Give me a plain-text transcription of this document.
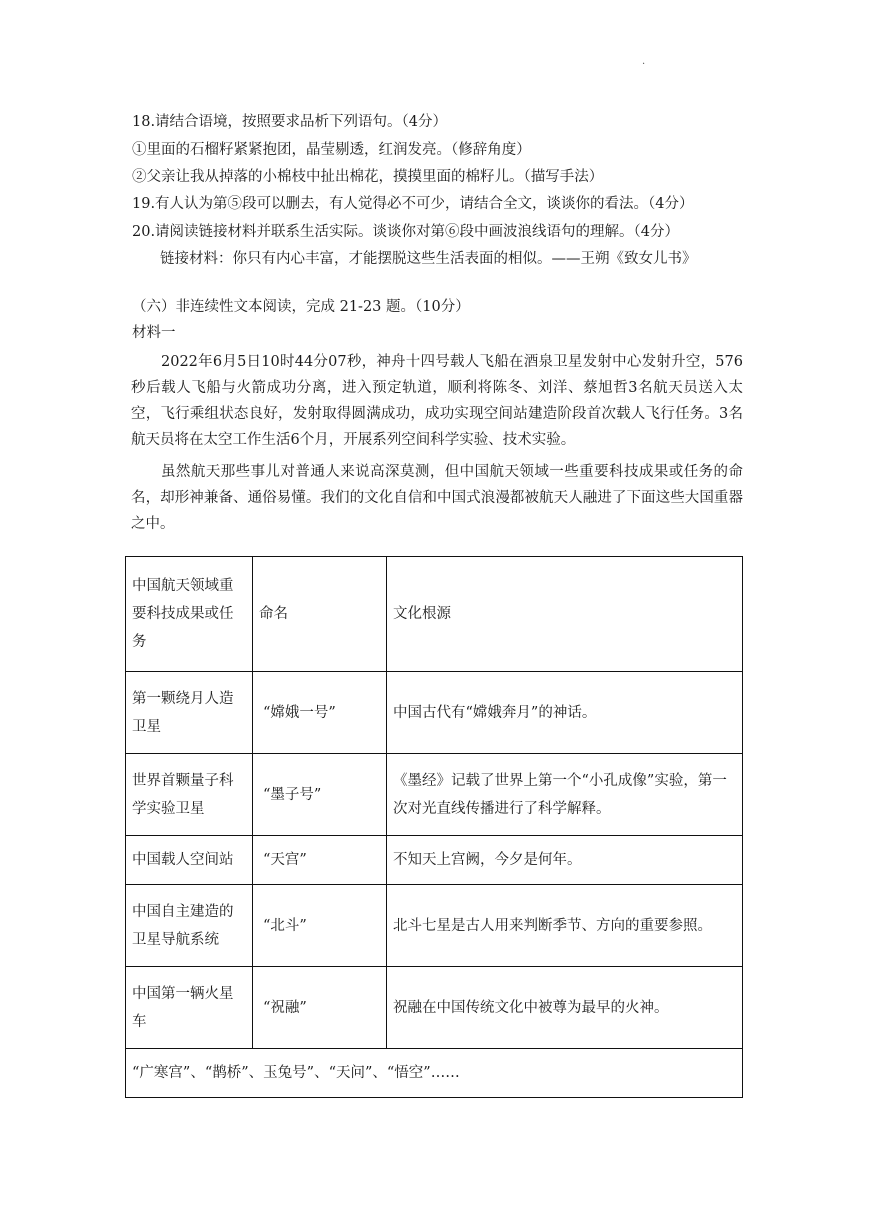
.
18.请结合语境，按照要求品析下列语句。（4分）
①里面的石榴籽紧紧抱团，晶莹剔透，红润发亮。（修辞角度）
②父亲让我从掉落的小棉枝中扯出棉花，摸摸里面的棉籽儿。（描写手法）
19.有人认为第⑤段可以删去，有人觉得必不可少，请结合全文，谈谈你的看法。（4分）
20.请阅读链接材料并联系生活实际。谈谈你对第⑥段中画波浪线语句的理解。（4分）
链接材料：你只有内心丰富，才能摆脱这些生活表面的相似。——王朔《致女儿书》
（六）非连续性文本阅读，完成 21-23 题。（10分）
材料一
2022年6月5日10时44分07秒，神舟十四号载人飞船在酒泉卫星发射中心发射升空，576秒后载人飞船与火箭成功分离，进入预定轨道，顺利将陈冬、刘洋、蔡旭哲3名航天员送入太空，飞行乘组状态良好，发射取得圆满成功，成功实现空间站建造阶段首次载人飞行任务。3名航天员将在太空工作生活6个月，开展系列空间科学实验、技术实验。
虽然航天那些事儿对普通人来说高深莫测，但中国航天领域一些重要科技成果或任务的命名，却形神兼备、通俗易懂。我们的文化自信和中国式浪漫都被航天人融进了下面这些大国重器之中。
中国航天领域重要科技成果或任务	命名	文化根源
第一颗绕月人造卫星	“嫦娥一号”	中国古代有“嫦娥奔月”的神话。
世界首颗量子科学实验卫星	“墨子号”	《墨经》记载了世界上第一个“小孔成像”实验，第一次对光直线传播进行了科学解释。
中国载人空间站	“天宫”	不知天上宫阙，今夕是何年。
中国自主建造的卫星导航系统	“北斗”	北斗七星是古人用来判断季节、方向的重要参照。
中国第一辆火星车	“祝融”	祝融在中国传统文化中被尊为最早的火神。
“广寒宫”、“鹊桥”、玉兔号”、“天问”、“悟空”……		
